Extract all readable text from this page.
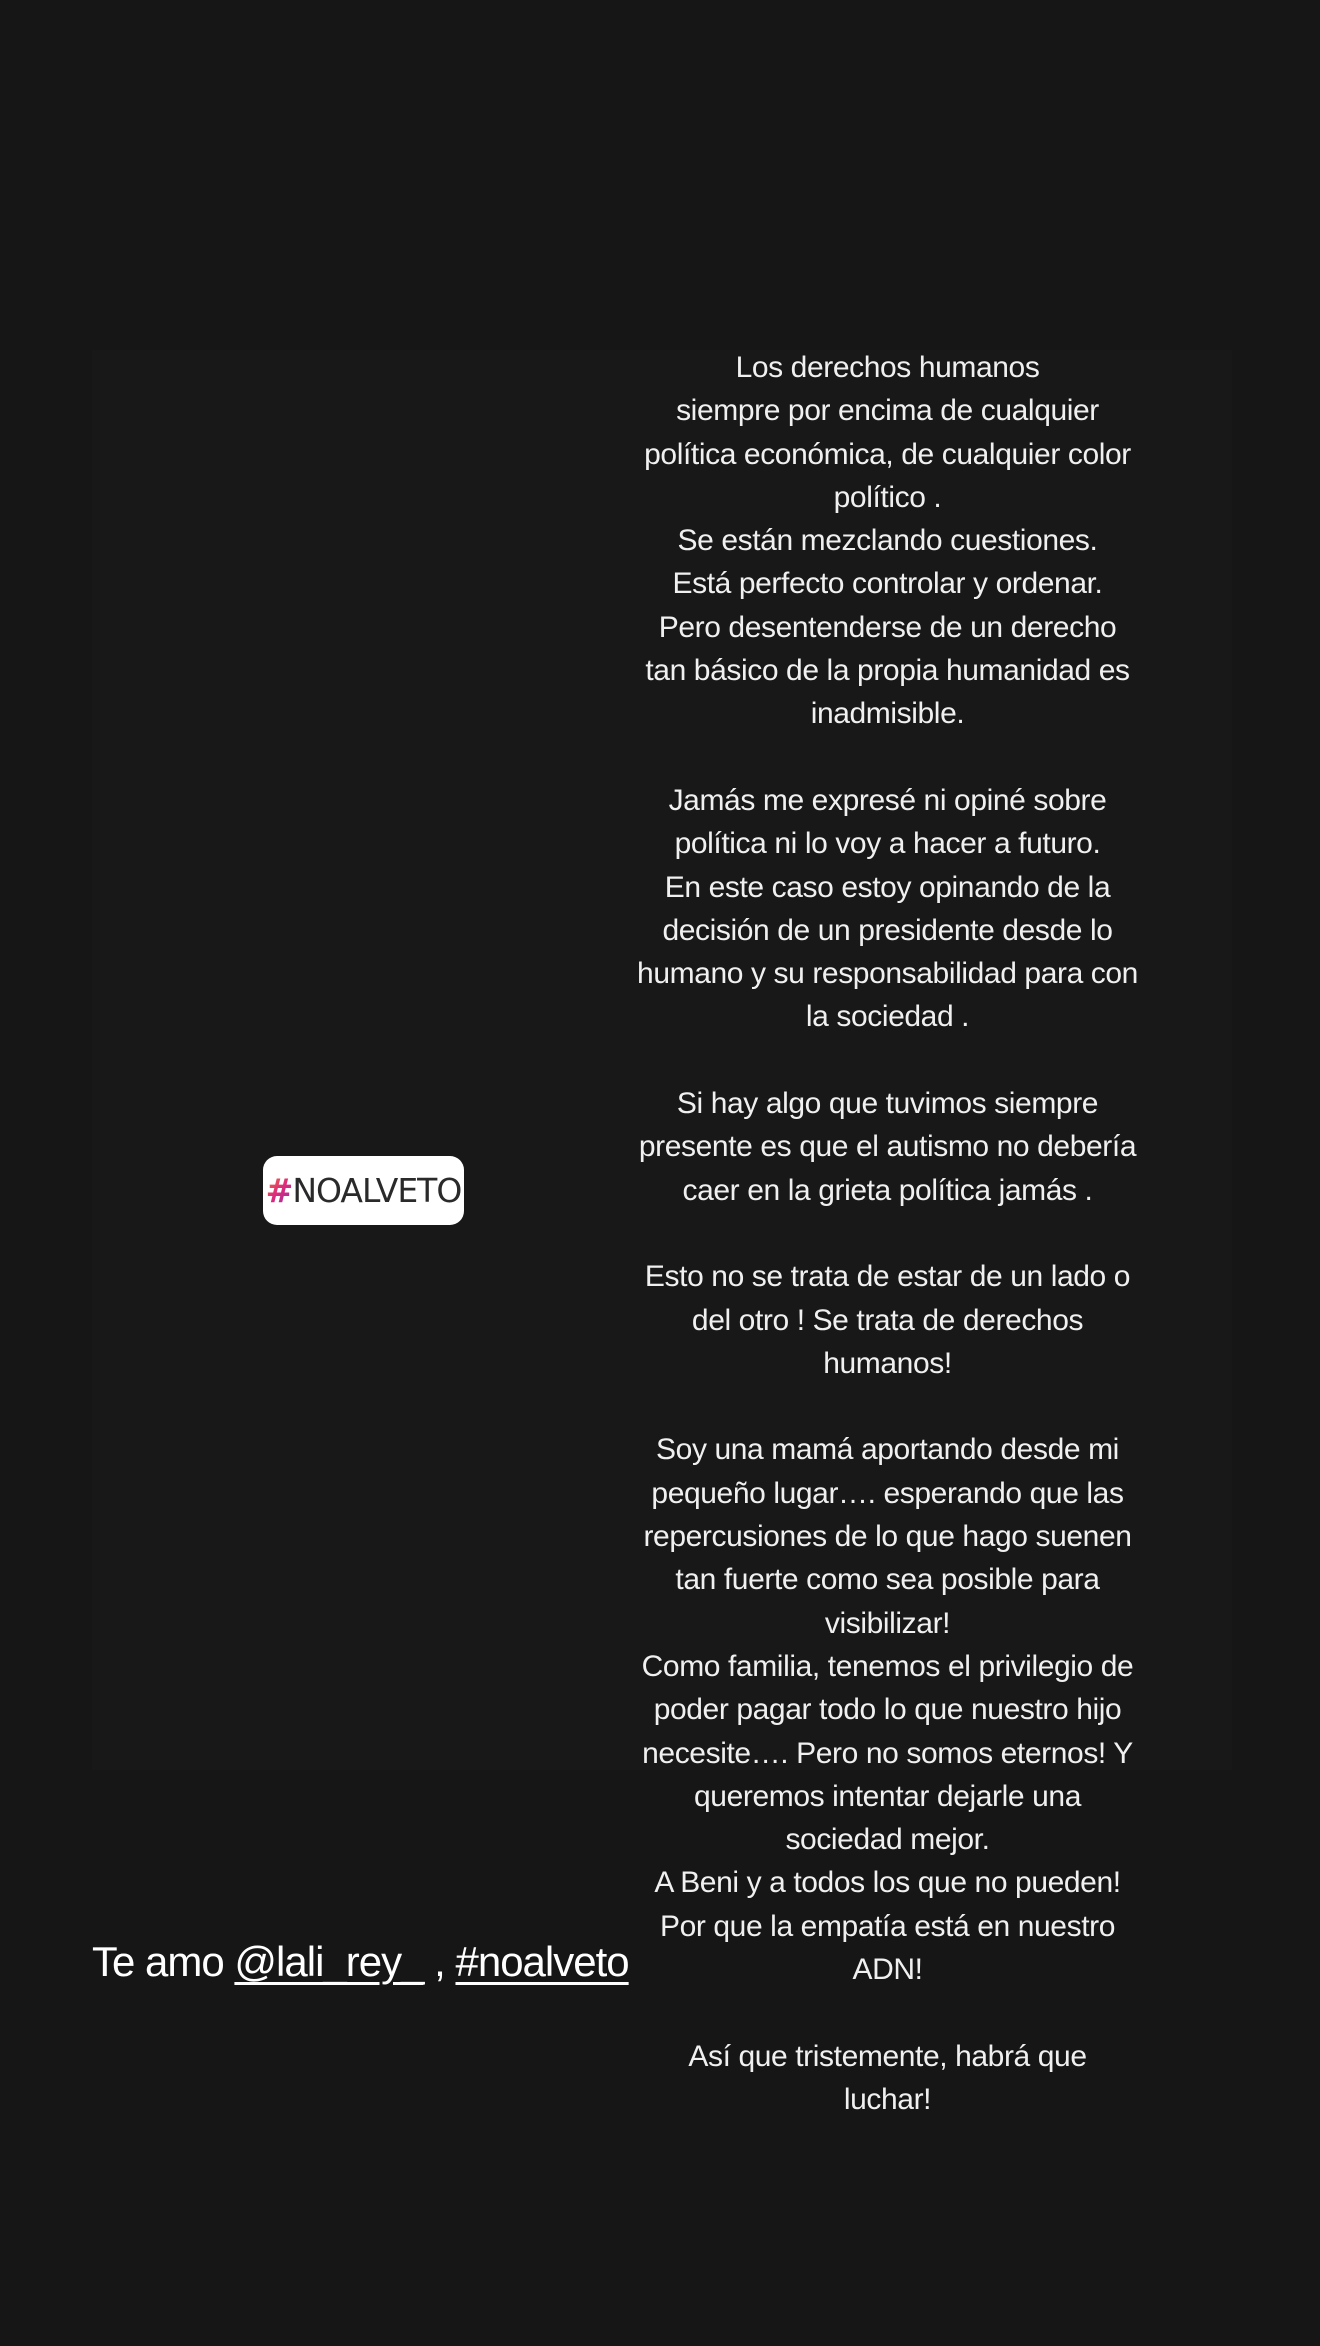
# NOALVETO
Los derechos humanos
siempre por encima de cualquier
política económica, de cualquier color
político .
Se están mezclando cuestiones.
Está perfecto controlar y ordenar.
Pero desentenderse de un derecho
tan básico de la propia humanidad es
inadmisible.
Jamás me expresé ni opiné sobre
política ni lo voy a hacer a futuro.
En este caso estoy opinando de la
decisión de un presidente desde lo
humano y su responsabilidad para con
la sociedad .
Si hay algo que tuvimos siempre
presente es que el autismo no debería
caer en la grieta política jamás .
Esto no se trata de estar de un lado o
del otro ! Se trata de derechos
humanos!
Soy una mamá aportando desde mi
pequeño lugar…. esperando que las
repercusiones de lo que hago suenen
tan fuerte como sea posible para
visibilizar!
Como familia, tenemos el privilegio de
poder pagar todo lo que nuestro hijo
necesite…. Pero no somos eternos! Y
queremos intentar dejarle una
sociedad mejor.
A Beni y a todos los que no pueden!
Por que la empatía está en nuestro
ADN!
Así que tristemente, habrá que
luchar!
Te amo @lali_rey_ , #noalveto
